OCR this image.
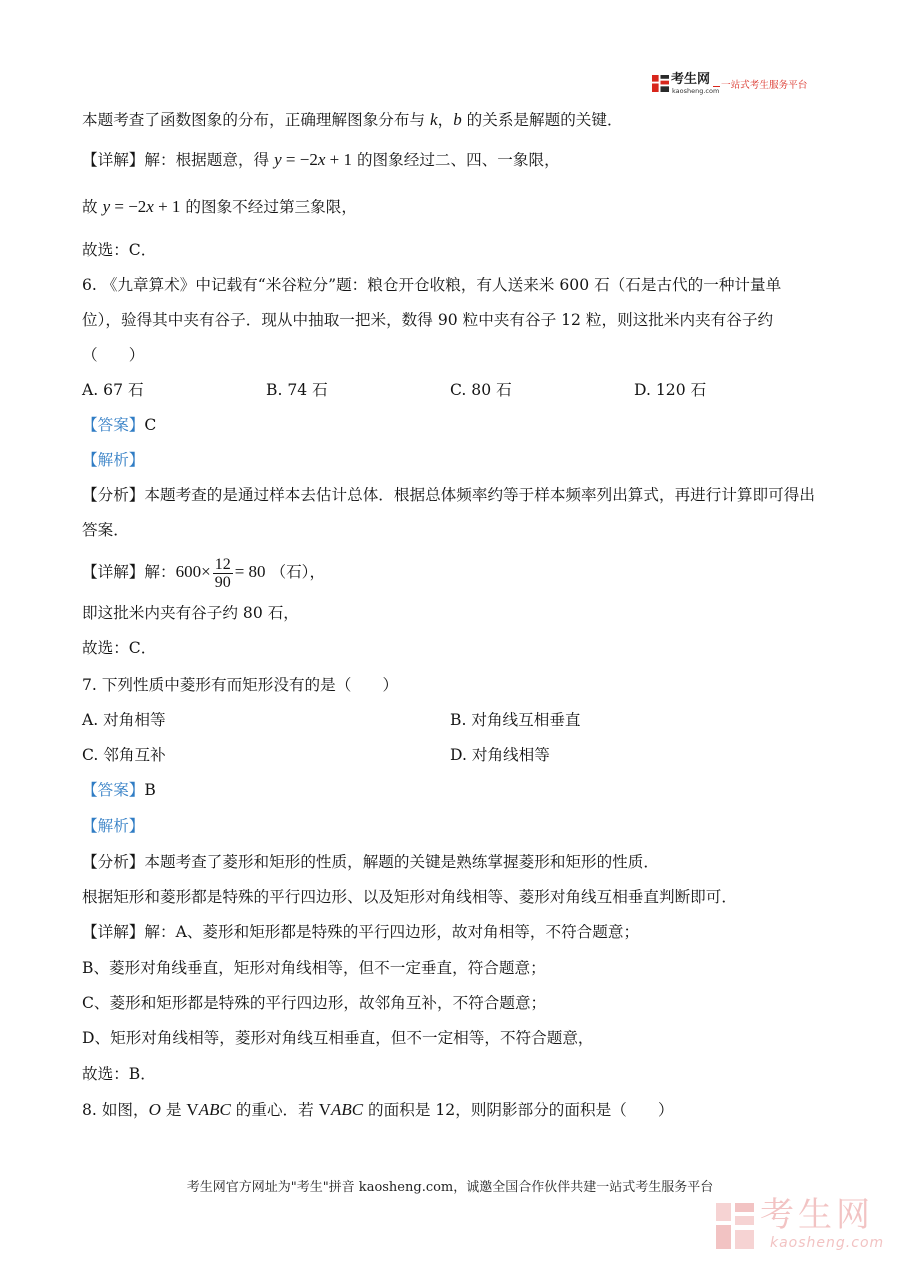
考生网
kaosheng.com 一站式考生服务平台
本题考查了函数图象的分布，正确理解图象分布与 k，b 的关系是解题的关键．
【详解】解：根据题意，得 y = −2x + 1 的图象经过二、四、一象限，
故 y = −2x + 1 的图象不经过第三象限，
故选：C．
6. 《九章算术》中记载有“米谷粒分”题：粮仓开仓收粮，有人送来米 600 石（石是古代的一种计量单
位），验得其中夹有谷子．现从中抽取一把米，数得 90 粒中夹有谷子 12 粒，则这批米内夹有谷子约
（　　）
A. 67 石	B. 74 石	C. 80 石	D. 120 石
【答案】C
【解析】
【分析】本题考查的是通过样本去估计总体．根据总体频率约等于样本频率列出算式，再进行计算即可得出
答案．
【详解】解：$600\times \frac{12}{90} = 80$ （石），
即这批米内夹有谷子约 80 石，
故选：C．
7. 下列性质中菱形有而矩形没有的是（　　）
A. 对角相等	B. 对角线互相垂直
C. 邻角互补	D. 对角线相等
【答案】B
【解析】
【分析】本题考查了菱形和矩形的性质，解题的关键是熟练掌握菱形和矩形的性质．
根据矩形和菱形都是特殊的平行四边形、以及矩形对角线相等、菱形对角线互相垂直判断即可．
【详解】解：A、菱形和矩形都是特殊的平行四边形，故对角相等，不符合题意；
B、菱形对角线垂直，矩形对角线相等，但不一定垂直，符合题意；
C、菱形和矩形都是特殊的平行四边形，故邻角互补，不符合题意；
D、矩形对角线相等，菱形对角线互相垂直，但不一定相等，不符合题意，
故选：B．
8. 如图，O 是 VABC 的重心．若 VABC 的面积是 12，则阴影部分的面积是（　　）
考生网官方网址为"考生"拼音 kaosheng.com，诚邀全国合作伙伴共建一站式考生服务平台
考生网
kaosheng.com
